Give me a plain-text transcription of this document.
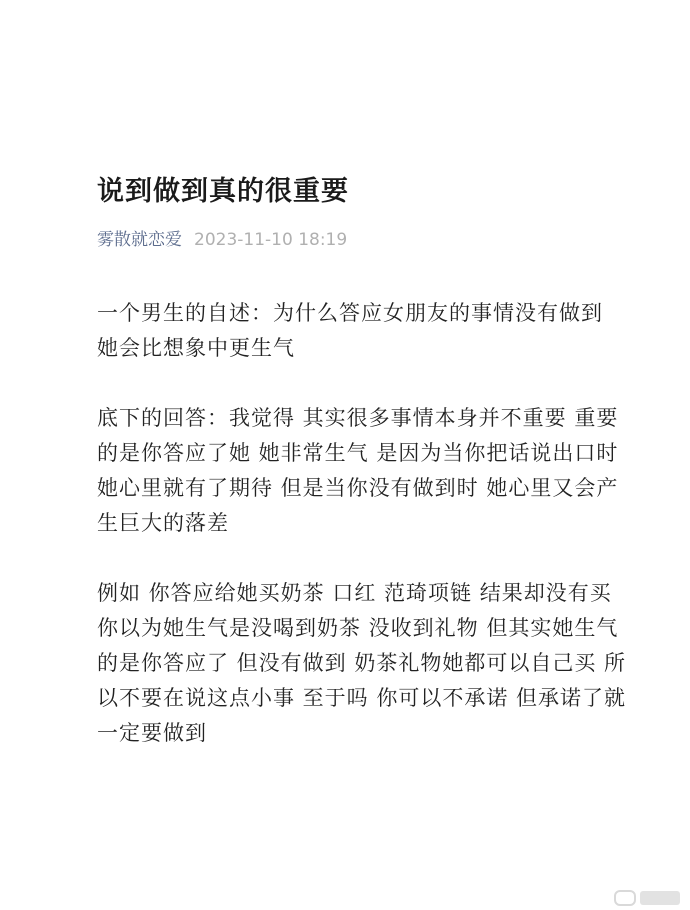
说到做到真的很重要
雾散就恋爱 2023-11-10 18:19

一个男生的自述：为什么答应女朋友的事情没有做到 她会比想象中更生气

底下的回答：我觉得 其实很多事情本身并不重要 重要的是你答应了她 她非常生气 是因为当你把话说出口时 她心里就有了期待 但是当你没有做到时 她心里又会产生巨大的落差

例如 你答应给她买奶茶 口红 范琦项链 结果却没有买 你以为她生气是没喝到奶茶 没收到礼物 但其实她生气的是你答应了 但没有做到 奶茶礼物她都可以自己买 所以不要在说这点小事 至于吗 你可以不承诺 但承诺了就一定要做到
